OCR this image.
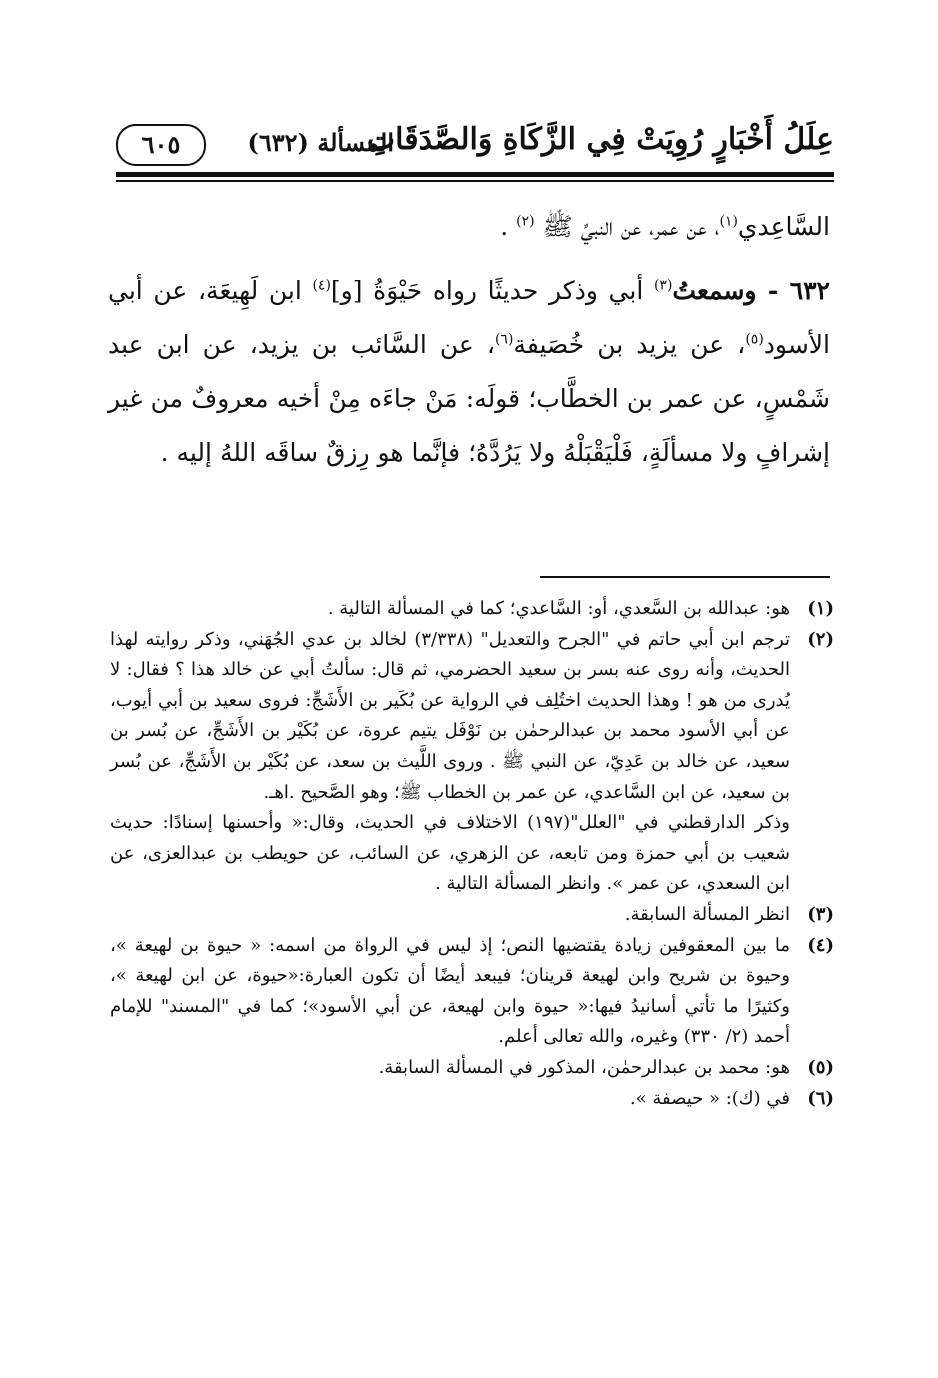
عِلَلُ أَخْبَارٍ رُوِيَتْ فِي الزَّكَاةِ وَالصَّدَقَاتِ
المسألة (٦٣٢)
٦٠٥

السَّاعِدي$^{(١)}$، عن عمر، عن النبيِّ ﷺ $^{(٢)}$ .

٦٣٢ - وسمعتُ$^{(٣)}$ أبي وذكر حديثًا رواه حَيْوَةُ [و]$^{(٤)}$ ابن لَهِيعَة، عن أبي الأسود$^{(٥)}$، عن يزيد بن خُصَيفة$^{(٦)}$، عن السَّائب بن يزيد، عن ابن عبد شَمْسٍ، عن عمر بن الخطَّاب؛ قولَه: مَنْ جاءَه مِنْ أخيه معروفٌ من غير إشرافٍ ولا مسألَةٍ، فَلْيَقْبَلْهُ ولا يَرُدَّهُ؛ فإنَّما هو رِزقٌ ساقَه اللهُ إليه .

(١)
هو: عبدالله بن السَّعدي، أو: السَّاعدي؛ كما في المسألة التالية .
(٢)
ترجم ابن أبي حاتم في "الجرح والتعديل" (٣/٣٣٨) لخالد بن عدي الجُهَني، وذكر روايته لهذا الحديث، وأنه روى عنه بسر بن سعيد الحضرمي، ثم قال: سألتُ أبي عن خالد هذا ؟ فقال: لا يُدرى من هو ! وهذا الحديث اختُلِف في الرواية عن بُكَير بن الأَشَجِّ: فروى سعيد بن أبي أيوب، عن أبي الأسود محمد بن عبدالرحمٰن بن نَوْفَل يتيم عروة، عن بُكَيْر بن الأَشَجِّ، عن بُسر بن سعيد، عن خالد بن عَدِيّ، عن النبي ﷺ . وروى اللَّيث بن سعد، عن بُكَيْر بن الأَشَجِّ، عن بُسر بن سعيد، عن ابن السَّاعدي، عن عمر بن الخطاب ﷺ؛ وهو الصَّحيح .اهـ.
وذكر الدارقطني في "العلل"(١٩٧) الاختلاف في الحديث، وقال:« وأحسنها إسنادًا: حديث شعيب بن أبي حمزة ومن تابعه، عن الزهري، عن السائب، عن حويطب بن عبدالعزى، عن ابن السعدي، عن عمر ». وانظر المسألة التالية .
(٣)
انظر المسألة السابقة.
(٤)
ما بين المعقوفين زيادة يقتضيها النص؛ إذ ليس في الرواة من اسمه: « حيوة بن لهيعة »، وحيوة بن شريح وابن لهيعة قرينان؛ فيبعد أيضًا أن تكون العبارة:«حيوة، عن ابن لهيعة »، وكثيرًا ما تأتي أسانيدُ فيها:« حيوة وابن لهيعة، عن أبي الأسود»؛ كما في "المسند" للإمام أحمد (٢/ ٣٣٠) وغيره، والله تعالى أعلم.
(٥)
هو: محمد بن عبدالرحمٰن، المذكور في المسألة السابقة.
(٦)
في (ك): « حيصفة ».
